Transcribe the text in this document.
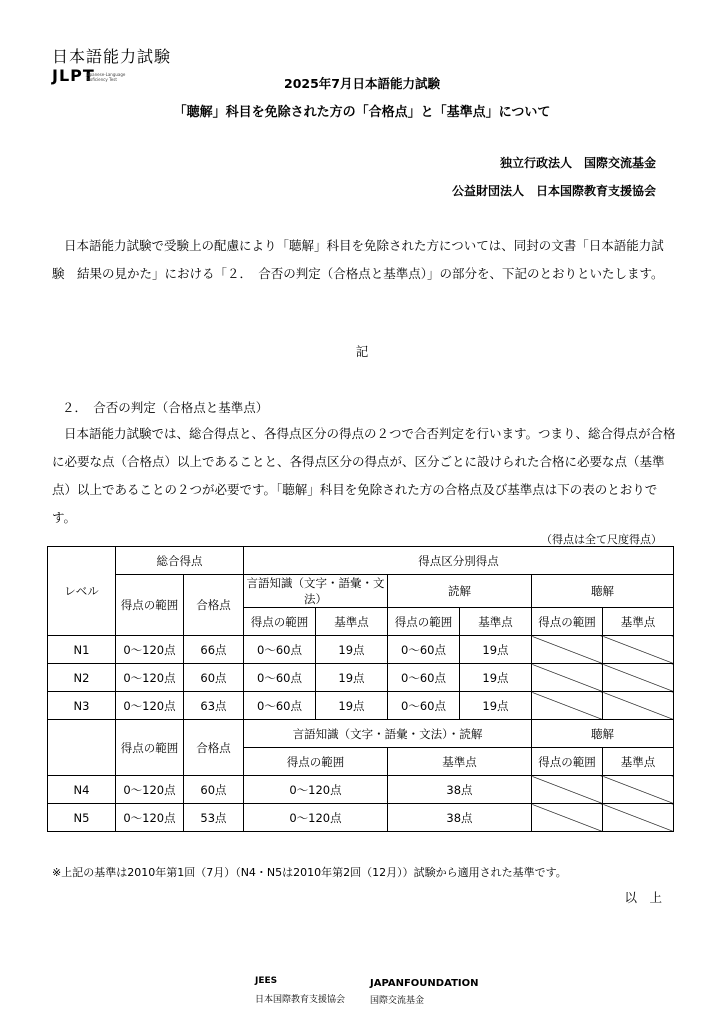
日本語能力試験
JLPT
Japanese-Language Proficiency Test	2025年7月日本語能力試験
「聴解」科目を免除された方の「合格点」と「基準点」について
独立行政法人　国際交流基金
公益財団法人　日本国際教育支援協会
日本語能力試験で受験上の配慮により「聴解」科目を免除された方については、同封の文書「日本語能力試験　結果の見かた」における「２．　合否の判定（合格点と基準点）」の部分を、下記のとおりといたします。
記
２．　合否の判定（合格点と基準点）
日本語能力試験では、総合得点と、各得点区分の得点の２つで合否判定を行います。つまり、総合得点が合格に必要な点（合格点）以上であることと、各得点区分の得点が、区分ごとに設けられた合格に必要な点（基準点）以上であることの２つが必要です。「聴解」科目を免除された方の合格点及び基準点は下の表のとおりです。
（得点は全て尺度得点）
レベル	総合得点		得点区分別得点					
	得点の範囲	合格点	言語知識（文字・語彙・文法）		読解		聴解	
			得点の範囲	基準点	得点の範囲	基準点	得点の範囲	基準点
N1	0～120点	66点	0～60点	19点	0～60点	19点		
N2	0～120点	60点	0～60点	19点	0～60点	19点		
N3	0～120点	63点	0～60点	19点	0～60点	19点		
	得点の範囲	合格点	言語知識（文字・語彙・文法）・読解				聴解	
			得点の範囲		基準点		得点の範囲	基準点
N4	0～120点	60点	0～120点		38点			
N5	0～120点	53点	0～120点		38点			
※上記の基準は2010年第1回（7月）（N4・N5は2010年第2回（12月））試験から適用された基準です。
以　上
JEES
日本国際教育支援協会
JAPANFOUNDATION
国際交流基金
